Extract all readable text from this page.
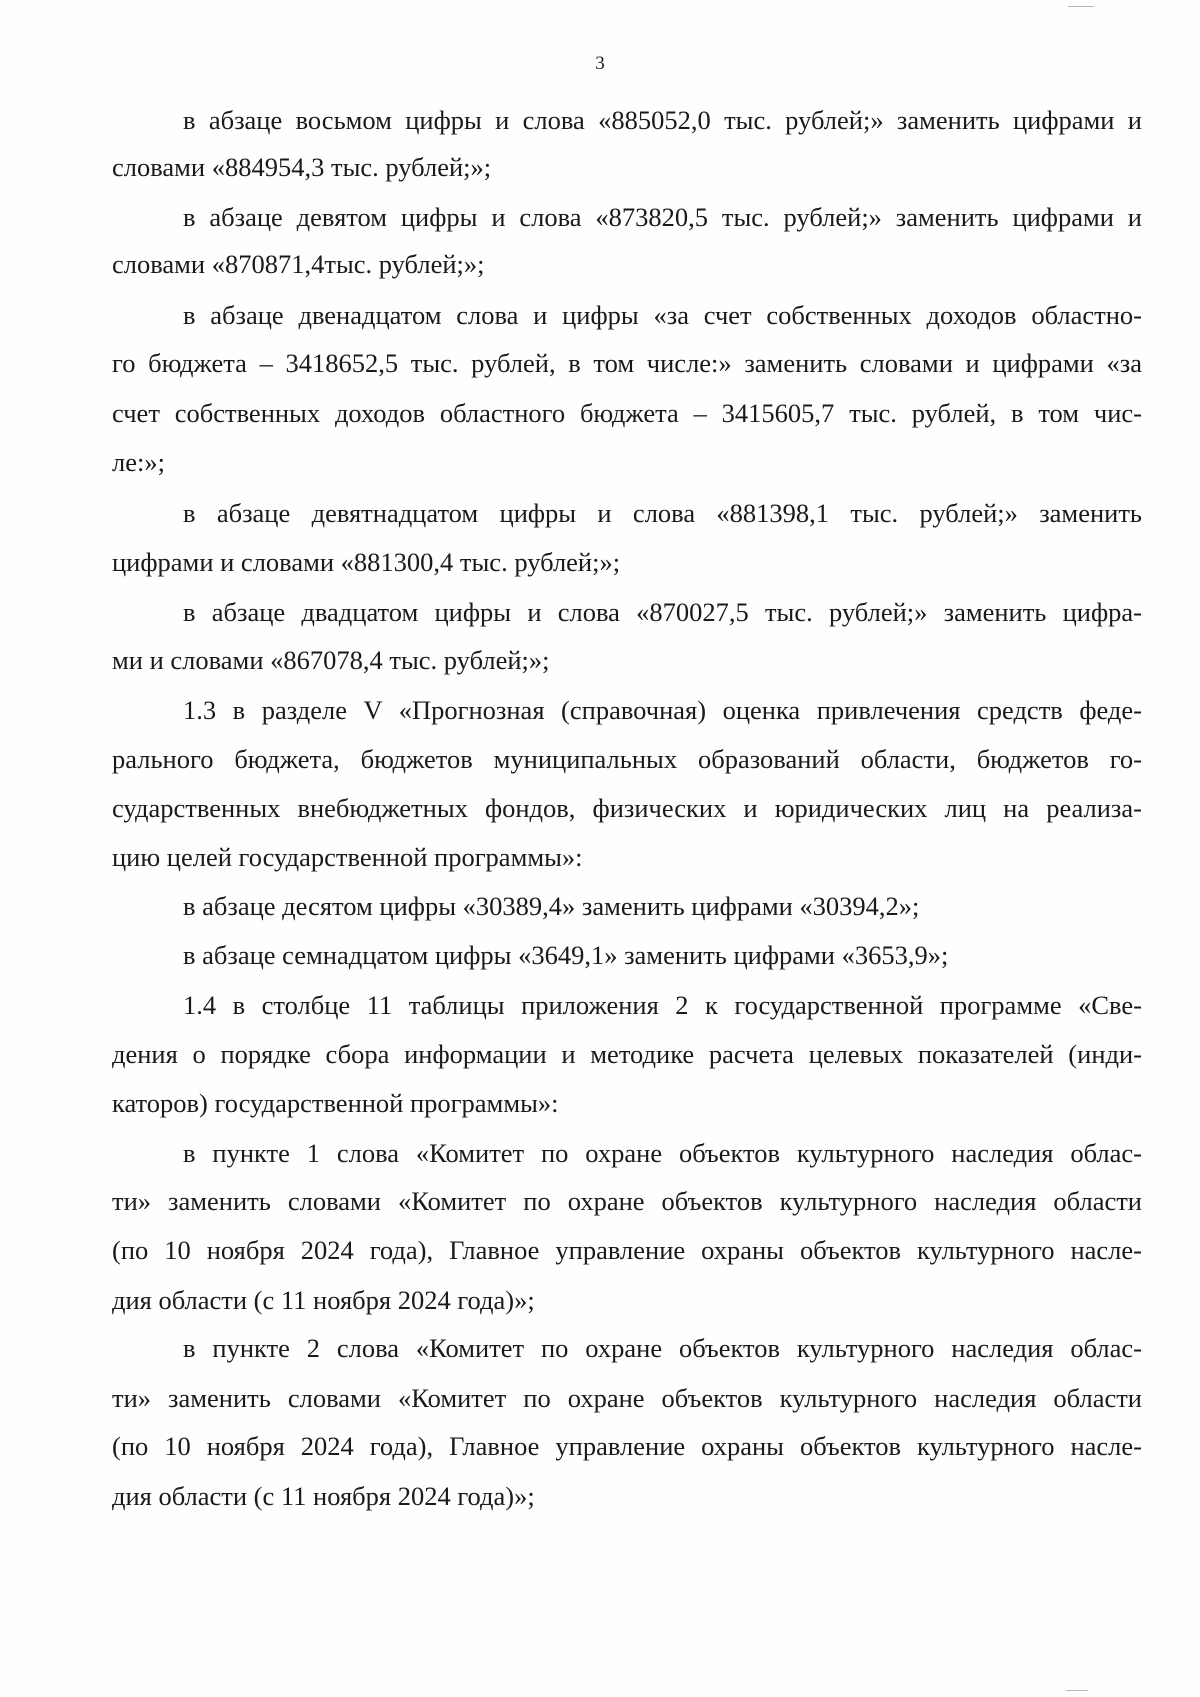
3
в абзаце восьмом цифры и слова «885052,0 тыс. рублей;» заменить цифрами и
словами «884954,3 тыс. рублей;»;
в абзаце девятом цифры и слова «873820,5 тыс. рублей;» заменить цифрами и
словами «870871,4тыс. рублей;»;
в абзаце двенадцатом слова и цифры «за счет собственных доходов областно-
го бюджета – 3418652,5 тыс. рублей, в том числе:» заменить словами и цифрами «за
счет собственных доходов областного бюджета – 3415605,7 тыс. рублей, в том чис-
ле:»;
в абзаце девятнадцатом цифры и слова «881398,1 тыс. рублей;» заменить
цифрами и словами «881300,4 тыс. рублей;»;
в абзаце двадцатом цифры и слова «870027,5 тыс. рублей;» заменить цифра-
ми и словами «867078,4 тыс. рублей;»;
1.3 в разделе V «Прогнозная (справочная) оценка привлечения средств феде-
рального бюджета, бюджетов муниципальных образований области, бюджетов го-
сударственных внебюджетных фондов, физических и юридических лиц на реализа-
цию целей государственной программы»:
в абзаце десятом цифры «30389,4» заменить цифрами «30394,2»;
в абзаце семнадцатом цифры «3649,1» заменить цифрами «3653,9»;
1.4 в столбце 11 таблицы приложения 2 к государственной программе «Све-
дения о порядке сбора информации и методике расчета целевых показателей (инди-
каторов) государственной программы»:
в пункте 1 слова «Комитет по охране объектов культурного наследия облас-
ти» заменить словами «Комитет по охране объектов культурного наследия области
(по 10 ноября 2024 года), Главное управление охраны объектов культурного насле-
дия области (с 11 ноября 2024 года)»;
в пункте 2 слова «Комитет по охране объектов культурного наследия облас-
ти» заменить словами «Комитет по охране объектов культурного наследия области
(по 10 ноября 2024 года), Главное управление охраны объектов культурного насле-
дия области (с 11 ноября 2024 года)»;
